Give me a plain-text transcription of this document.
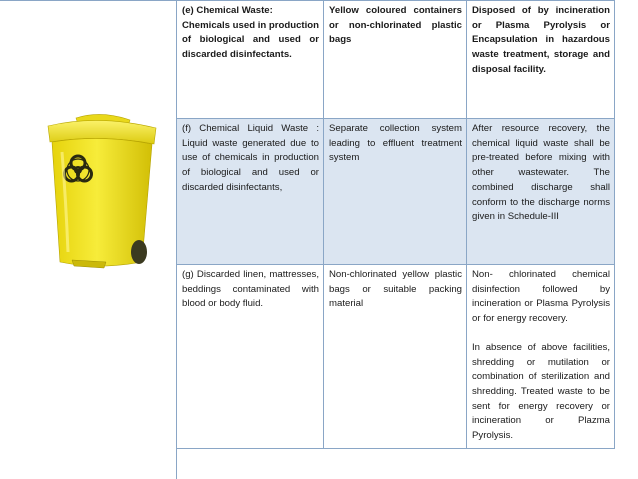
(e) Chemical Waste:
Chemicals used in production of biological and used or discarded disinfectants.	Yellow coloured containers or non-chlorinated plastic bags	Disposed of by incineration or Plasma Pyrolysis or Encapsulation in hazardous waste treatment, storage and disposal facility.

(f) Chemical Liquid Waste : Liquid waste generated due to use of chemicals in production of biological and used or discarded disinfectants,	Separate collection system leading to effluent treatment system	After resource recovery, the chemical liquid waste shall be pre-treated before mixing with other wastewater. The combined discharge shall conform to the discharge norms given in Schedule-III

(g) Discarded linen, mattresses, beddings contaminated with blood or body fluid.	Non-chlorinated yellow plastic bags or suitable packing material	Non- chlorinated chemical disinfection followed by incineration or Plasma Pyrolysis or for energy recovery.
In absence of above facilities, shredding or mutilation or combination of sterilization and shredding. Treated waste to be sent for energy recovery or incineration or Plazma Pyrolysis.
